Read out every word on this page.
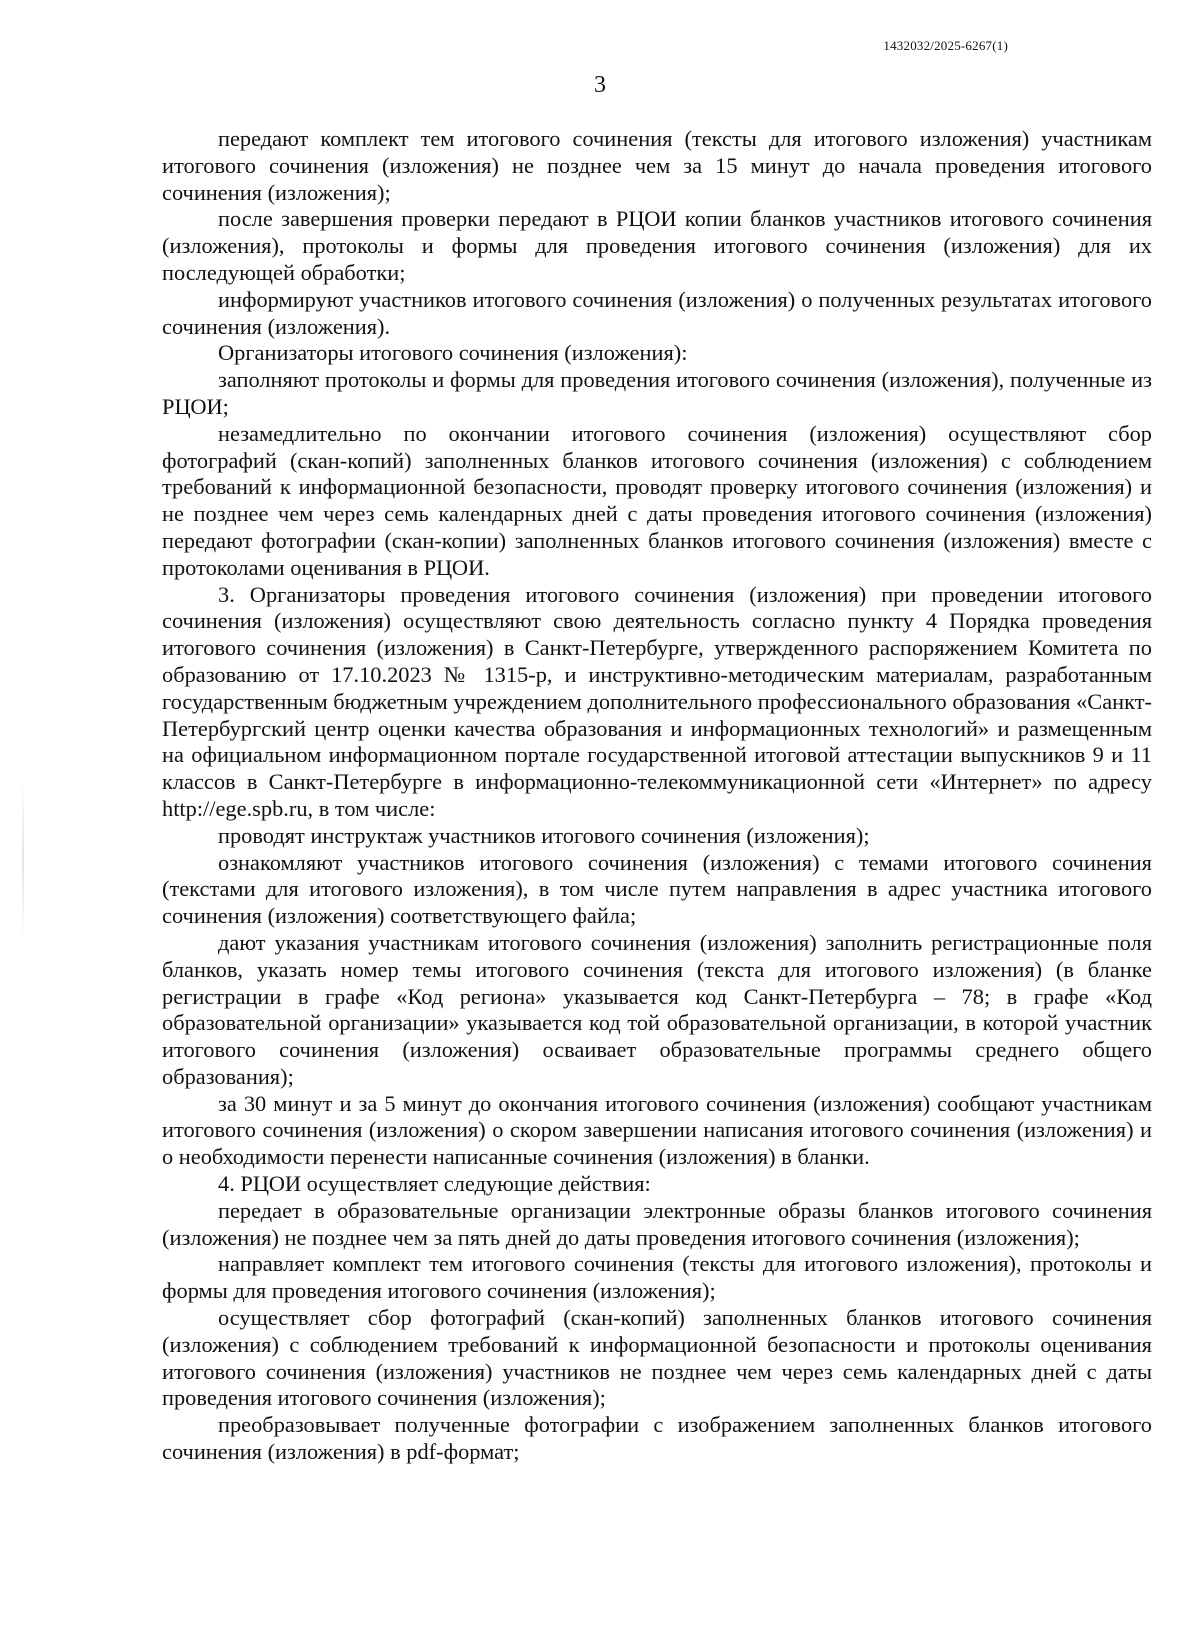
1432032/2025-6267(1)
3

передают комплект тем итогового сочинения (тексты для итогового изложения) участникам итогового сочинения (изложения) не позднее чем за 15 минут до начала проведения итогового сочинения (изложения);

после завершения проверки передают в РЦОИ копии бланков участников итогового сочинения (изложения), протоколы и формы для проведения итогового сочинения (изложения) для их последующей обработки;

информируют участников итогового сочинения (изложения) о полученных результатах итогового сочинения (изложения).

Организаторы итогового сочинения (изложения):

заполняют протоколы и формы для проведения итогового сочинения (изложения), полученные из РЦОИ;

незамедлительно по окончании итогового сочинения (изложения) осуществляют сбор фотографий (скан-копий) заполненных бланков итогового сочинения (изложения) с соблюдением требований к информационной безопасности, проводят проверку итогового сочинения (изложения) и не позднее чем через семь календарных дней с даты проведения итогового сочинения (изложения) передают фотографии (скан-копии) заполненных бланков итогового сочинения (изложения) вместе с протоколами оценивания в РЦОИ.

3. Организаторы проведения итогового сочинения (изложения) при проведении итогового сочинения (изложения) осуществляют свою деятельность согласно пункту 4 Порядка проведения итогового сочинения (изложения) в Санкт-Петербурге, утвержденного распоряжением Комитета по образованию от 17.10.2023 № 1315-р, и инструктивно-методическим материалам, разработанным государственным бюджетным учреждением дополнительного профессионального образования «Санкт-Петербургский центр оценки качества образования и информационных технологий» и размещенным на официальном информационном портале государственной итоговой аттестации выпускников 9 и 11 классов в Санкт-Петербурге в информационно-телекоммуникационной сети «Интернет» по адресу http://ege.spb.ru, в том числе:

проводят инструктаж участников итогового сочинения (изложения);

ознакомляют участников итогового сочинения (изложения) с темами итогового сочинения (текстами для итогового изложения), в том числе путем направления в адрес участника итогового сочинения (изложения) соответствующего файла;

дают указания участникам итогового сочинения (изложения) заполнить регистрационные поля бланков, указать номер темы итогового сочинения (текста для итогового изложения) (в бланке регистрации в графе «Код региона» указывается код Санкт-Петербурга – 78; в графе «Код образовательной организации» указывается код той образовательной организации, в которой участник итогового сочинения (изложения) осваивает образовательные программы среднего общего образования);

за 30 минут и за 5 минут до окончания итогового сочинения (изложения) сообщают участникам итогового сочинения (изложения) о скором завершении написания итогового сочинения (изложения) и о необходимости перенести написанные сочинения (изложения) в бланки.

4. РЦОИ осуществляет следующие действия:

передает в образовательные организации электронные образы бланков итогового сочинения (изложения) не позднее чем за пять дней до даты проведения итогового сочинения (изложения);

направляет комплект тем итогового сочинения (тексты для итогового изложения), протоколы и формы для проведения итогового сочинения (изложения);

осуществляет сбор фотографий (скан-копий) заполненных бланков итогового сочинения (изложения) с соблюдением требований к информационной безопасности и протоколы оценивания итогового сочинения (изложения) участников не позднее чем через семь календарных дней с даты проведения итогового сочинения (изложения);

преобразовывает полученные фотографии с изображением заполненных бланков итогового сочинения (изложения) в pdf-формат;
